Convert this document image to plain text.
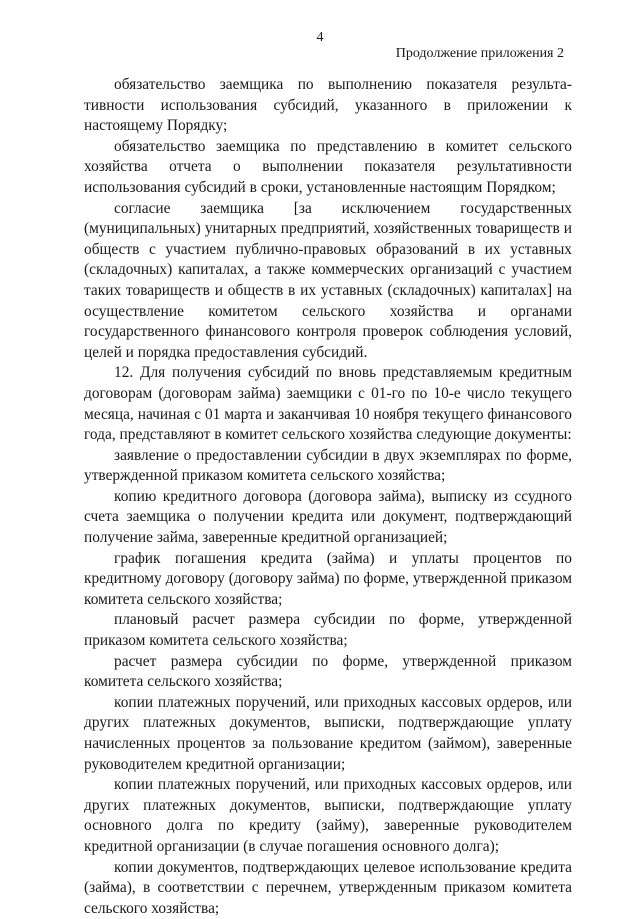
4
Продолжение приложения 2

обязательство заемщика по выполнению показателя результативности использования субсидий, указанного в приложении к настоящему Порядку;

обязательство заемщика по представлению в комитет сельского хозяйства отчета о выполнении показателя результативности использования субсидий в сроки, установленные настоящим Порядком;

согласие заемщика [за исключением государственных (муниципальных) унитарных предприятий, хозяйственных товариществ и обществ с участием публично-правовых образований в их уставных (складочных) капиталах, а также коммерческих организаций с участием таких товариществ и обществ в их уставных (складочных) капиталах] на осуществление комитетом сельского хозяйства и органами государственного финансового контроля проверок соблюдения условий, целей и порядка предоставления субсидий.

12. Для получения субсидий по вновь представляемым кредитным договорам (договорам займа) заемщики с 01-го по 10-е число текущего месяца, начиная с 01 марта и заканчивая 10 ноября текущего финансового года, представляют в комитет сельского хозяйства следующие документы:

заявление о предоставлении субсидии в двух экземплярах по форме, утвержденной приказом комитета сельского хозяйства;

копию кредитного договора (договора займа), выписку из ссудного счета заемщика о получении кредита или документ, подтверждающий получение займа, заверенные кредитной организацией;

график погашения кредита (займа) и уплаты процентов по кредитному договору (договору займа) по форме, утвержденной приказом комитета сельского хозяйства;

плановый расчет размера субсидии по форме, утвержденной приказом комитета сельского хозяйства;

расчет размера субсидии по форме, утвержденной приказом комитета сельского хозяйства;

копии платежных поручений, или приходных кассовых ордеров, или других платежных документов, выписки, подтверждающие уплату начисленных процентов за пользование кредитом (займом), заверенные руководителем кредитной организации;

копии платежных поручений, или приходных кассовых ордеров, или других платежных документов, выписки, подтверждающие уплату основного долга по кредиту (займу), заверенные руководителем кредитной организации (в случае погашения основного долга);

копии документов, подтверждающих целевое использование кредита (займа), в соответствии с перечнем, утвержденным приказом комитета сельского хозяйства;
